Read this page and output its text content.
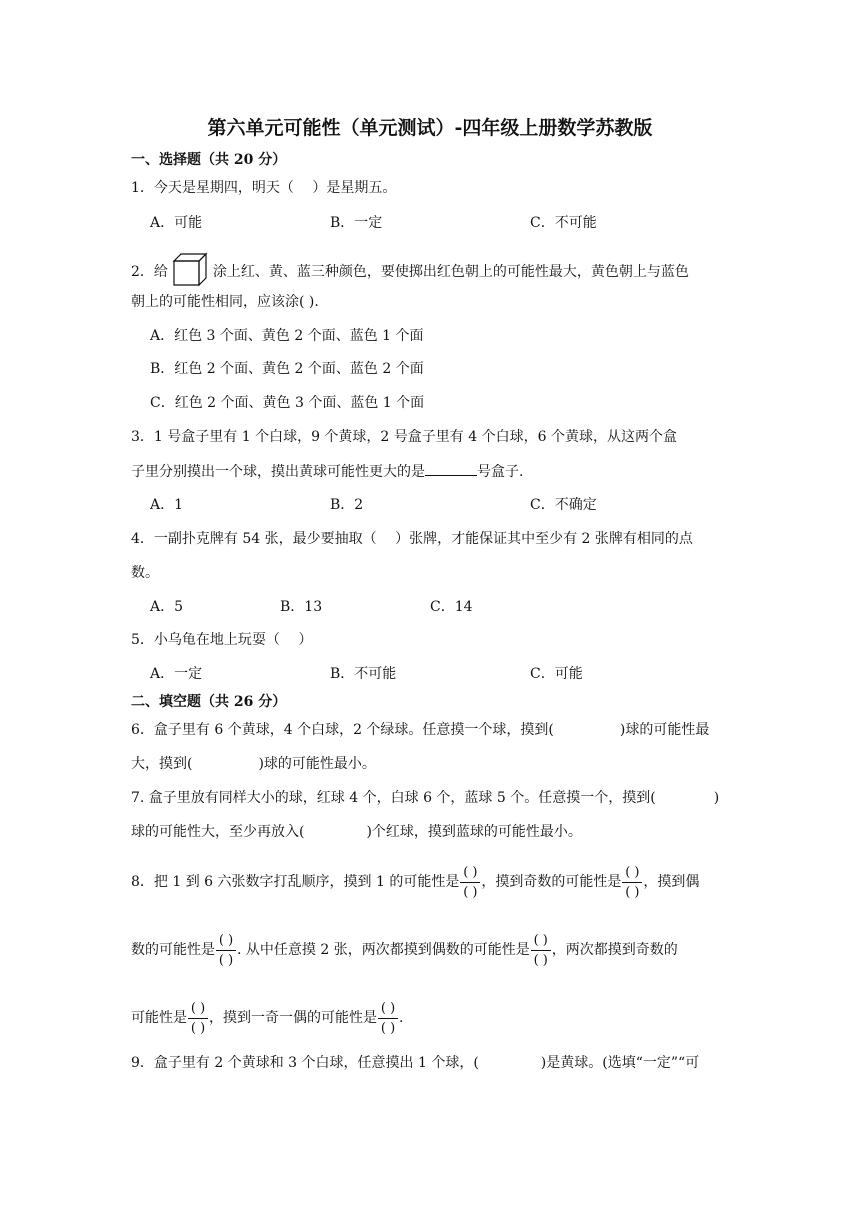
第六单元可能性（单元测试）-四年级上册数学苏教版
一、选择题（共 20 分）
1．今天是星期四，明天（　 ）是星期五。
A．可能	B．一定	C．不可能
2．给	涂上红、黄、蓝三种颜色，要使掷出红色朝上的可能性最大，黄色朝上与蓝色
朝上的可能性相同，应该涂( ).
A．红色 3 个面、黄色 2 个面、蓝色 1 个面
B．红色 2 个面、黄色 2 个面、蓝色 2 个面
C．红色 2 个面、黄色 3 个面、蓝色 1 个面
3．1 号盒子里有 1 个白球，9 个黄球，2 号盒子里有 4 个白球，6 个黄球，从这两个盒
子里分别摸出一个球，摸出黄球可能性更大的是	号盒子.
A．1	B．2	C．不确定
4．一副扑克牌有 54 张，最少要抽取（　 ）张牌，才能保证其中至少有 2 张牌有相同的点
数。
A．5	B．13	C．14
5．小乌龟在地上玩耍（　 ）
A．一定	B．不可能	C．可能
二、填空题（共 26 分）
6．盒子里有 6 个黄球，4 个白球，2 个绿球。任意摸一个球，摸到(	)球的可能性最
大，摸到(	)球的可能性最小。
7. 盒子里放有同样大小的球，红球 4 个，白球 6 个，蓝球 5 个。任意摸一个，摸到(	)
球的可能性大，至少再放入(	)个红球，摸到蓝球的可能性最小。
8．把 1 到 6 六张数字打乱顺序，摸到 1 的可能性是 $\frac{( )}{( )}$ ，摸到奇数的可能性是 $\frac{( )}{( )}$ ，摸到偶
数的可能性是 $\frac{( )}{( )}$ . 从中任意摸 2 张，两次都摸到偶数的可能性是 $\frac{( )}{( )}$ ，两次都摸到奇数的
可能性是 $\frac{( )}{( )}$ ，摸到一奇一偶的可能性是 $\frac{( )}{( )}$ .
9．盒子里有 2 个黄球和 3 个白球，任意摸出 1 个球，(	)是黄球。(选填“一定”“可
